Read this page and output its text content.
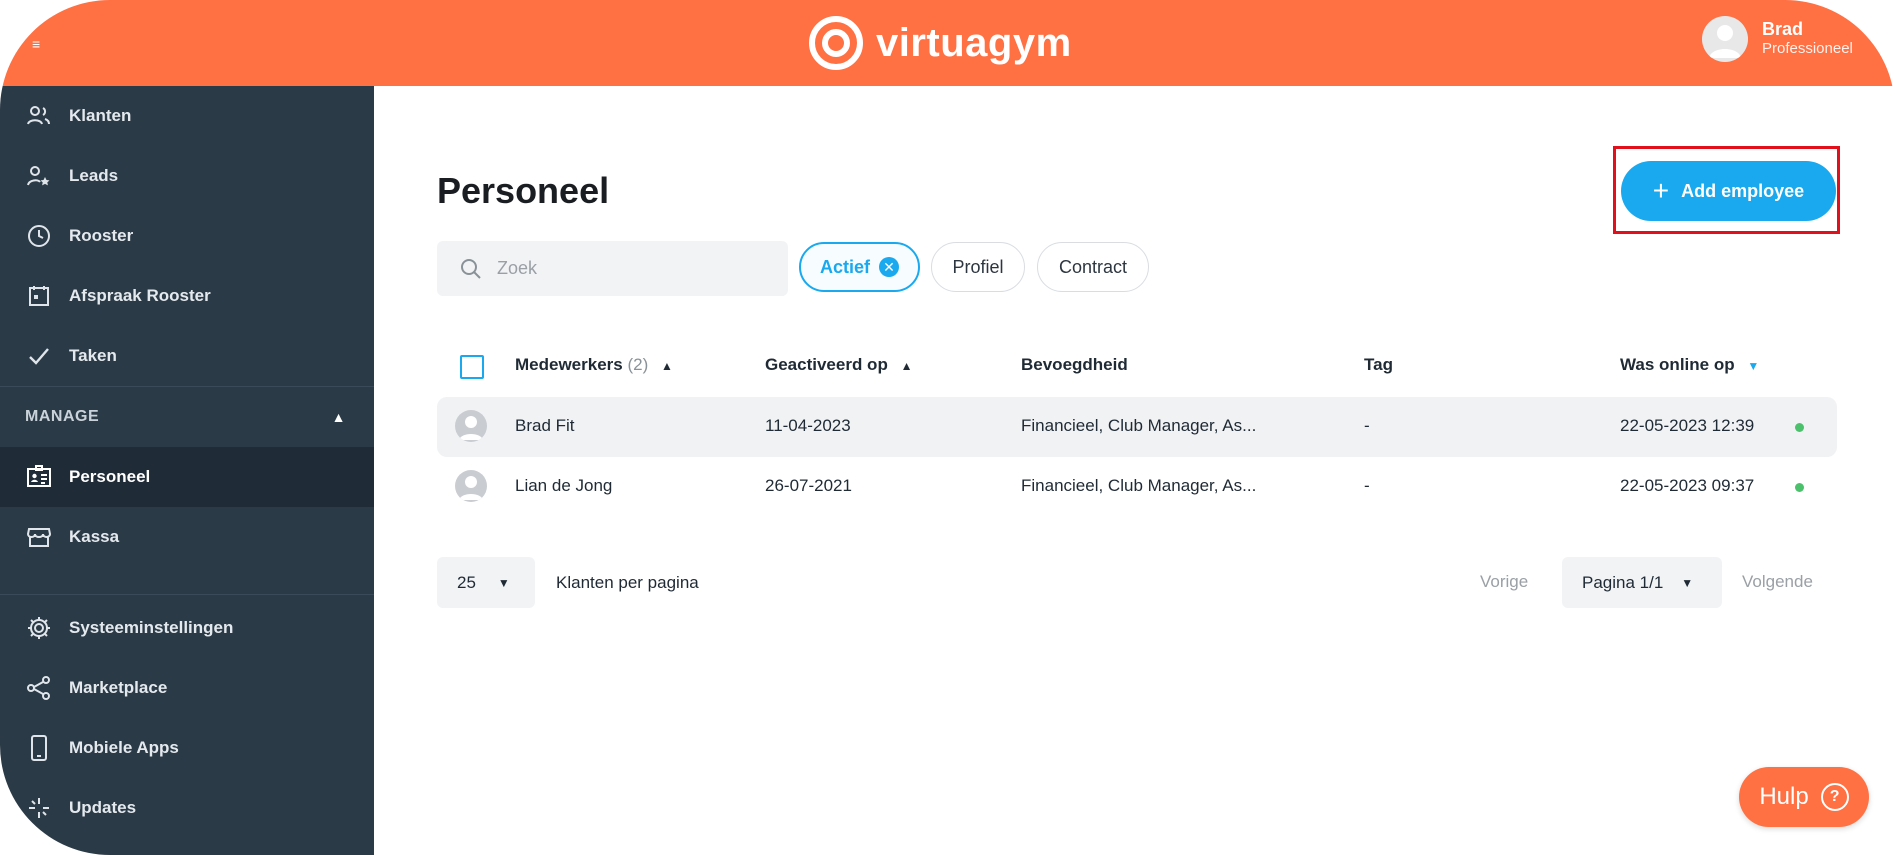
≡	virtuagym	Brad
Professioneel
Klanten
Leads
Rooster
Afspraak Rooster
Taken
MANAGE	▲
Personeel
Kassa
Systeeminstellingen
Marketplace
Mobiele Apps
Updates
Personeel	+ Add employee
Zoek
Actief ✕	Profiel	Contract
Medewerkers (2) ▲︎	Geactiveerd op ▲︎	Bevoegdheid	Tag	Was online op ▼
Brad Fit	11-04-2023	Financieel, Club Manager, As...	-	22-05-2023 12:39
Lian de Jong	26-07-2021	Financieel, Club Manager, As...	-	22-05-2023 09:37
25 ▼	Klanten per pagina	Vorige	Pagina 1/1 ▼	Volgende
Hulp	?
